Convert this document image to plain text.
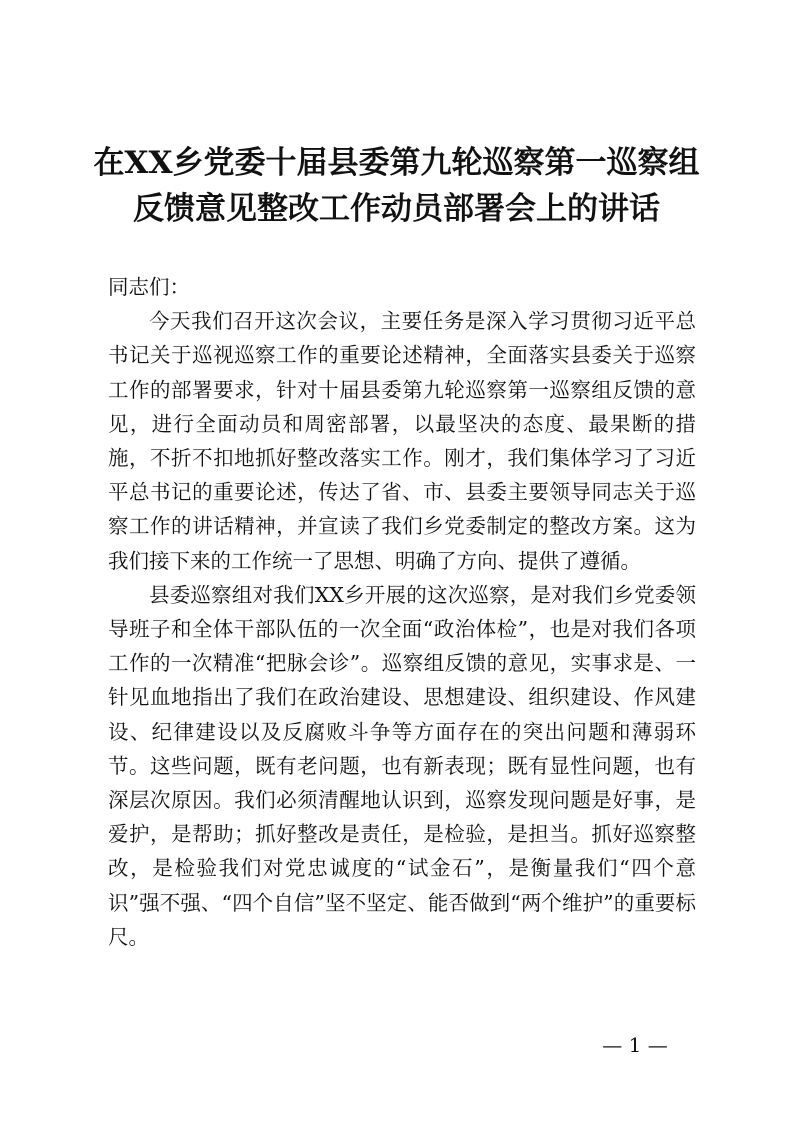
在XX乡党委十届县委第九轮巡察第一巡察组
反馈意见整改工作动员部署会上的讲话

同志们：

今天我们召开这次会议，主要任务是深入学习贯彻习近平总书记关于巡视巡察工作的重要论述精神，全面落实县委关于巡察工作的部署要求，针对十届县委第九轮巡察第一巡察组反馈的意见，进行全面动员和周密部署，以最坚决的态度、最果断的措施，不折不扣地抓好整改落实工作。刚才，我们集体学习了习近平总书记的重要论述，传达了省、市、县委主要领导同志关于巡察工作的讲话精神，并宣读了我们乡党委制定的整改方案。这为我们接下来的工作统一了思想、明确了方向、提供了遵循。

县委巡察组对我们XX乡开展的这次巡察，是对我们乡党委领导班子和全体干部队伍的一次全面“政治体检”，也是对我们各项工作的一次精准“把脉会诊”。巡察组反馈的意见，实事求是、一针见血地指出了我们在政治建设、思想建设、组织建设、作风建设、纪律建设以及反腐败斗争等方面存在的突出问题和薄弱环节。这些问题，既有老问题，也有新表现；既有显性问题，也有深层次原因。我们必须清醒地认识到，巡察发现问题是好事，是爱护，是帮助；抓好整改是责任，是检验，是担当。抓好巡察整改，是检验我们对党忠诚度的“试金石”，是衡量我们“四个意识”强不强、“四个自信”坚不坚定、能否做到“两个维护”的重要标尺。

— 1 —
